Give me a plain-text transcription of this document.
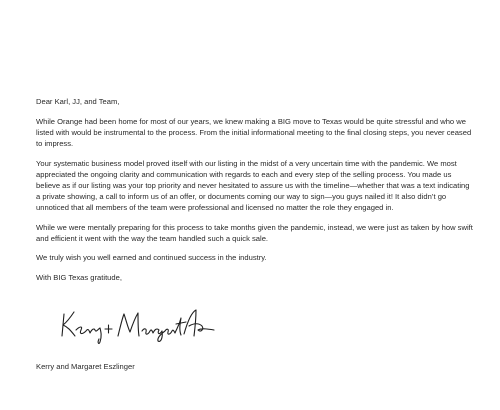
Dear Karl, JJ, and Team,

While Orange had been home for most of our years, we knew making a BIG move to Texas would be quite stressful and who we listed with would be instrumental to the process. From the initial informational meeting to the final closing steps, you never ceased to impress.

Your systematic business model proved itself with our listing in the midst of a very uncertain time with the pandemic. We most appreciated the ongoing clarity and communication with regards to each and every step of the selling process. You made us believe as if our listing was your top priority and never hesitated to assure us with the timeline—whether that was a text indicating a private showing, a call to inform us of an offer, or documents coming our way to sign—you guys nailed it! It also didn’t go unnoticed that all members of the team were professional and licensed no matter the role they engaged in.

While we were mentally preparing for this process to take months given the pandemic, instead, we were just as taken by how swift and efficient it went with the way the team handled such a quick sale.

We truly wish you well earned and continued success in the industry.

With BIG Texas gratitude,

Kerry and Margaret Eszlinger
